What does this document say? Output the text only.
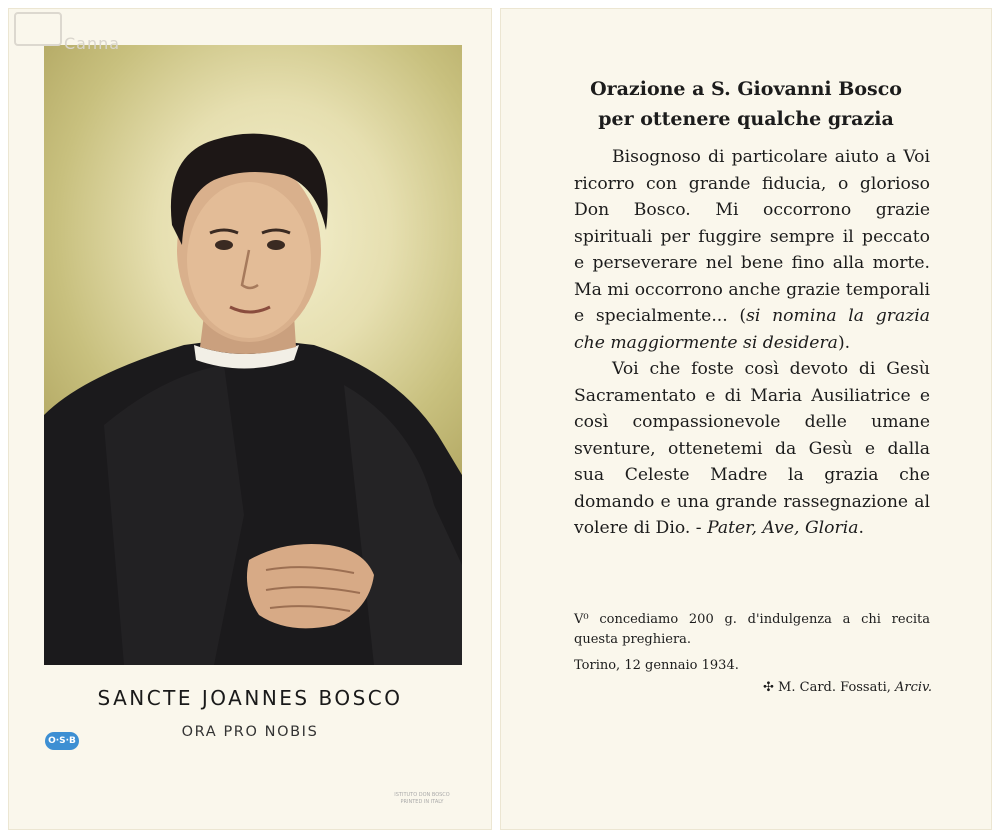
SANCTE JOANNES BOSCO
ORA PRO NOBIS
O·S·B
ISTITUTO DON BOSCO
PRINTED IN ITALY
Canna
Orazione a S. Giovanni Bosco
per ottenere qualche grazia

Bisognoso di particolare aiuto a Voi ricorro con grande fiducia, o glorioso Don Bosco. Mi occorrono grazie spirituali per fuggire sempre il peccato e perseverare nel bene fino alla morte. Ma mi occorrono anche grazie temporali e specialmente... (si nomina la grazia che maggiormente si desidera).

Voi che foste così devoto di Gesù Sacramentato e di Maria Ausiliatrice e così compassionevole delle umane sventure, ottenetemi da Gesù e dalla sua Celeste Madre la grazia che domando e una grande rassegnazione al volere di Dio. - Pater, Ave, Gloria.

V⁰ concediamo 200 g. d'indulgenza a chi recita questa preghiera.
Torino, 12 gennaio 1934.
✣ M. Card. Fossati, Arciv.
